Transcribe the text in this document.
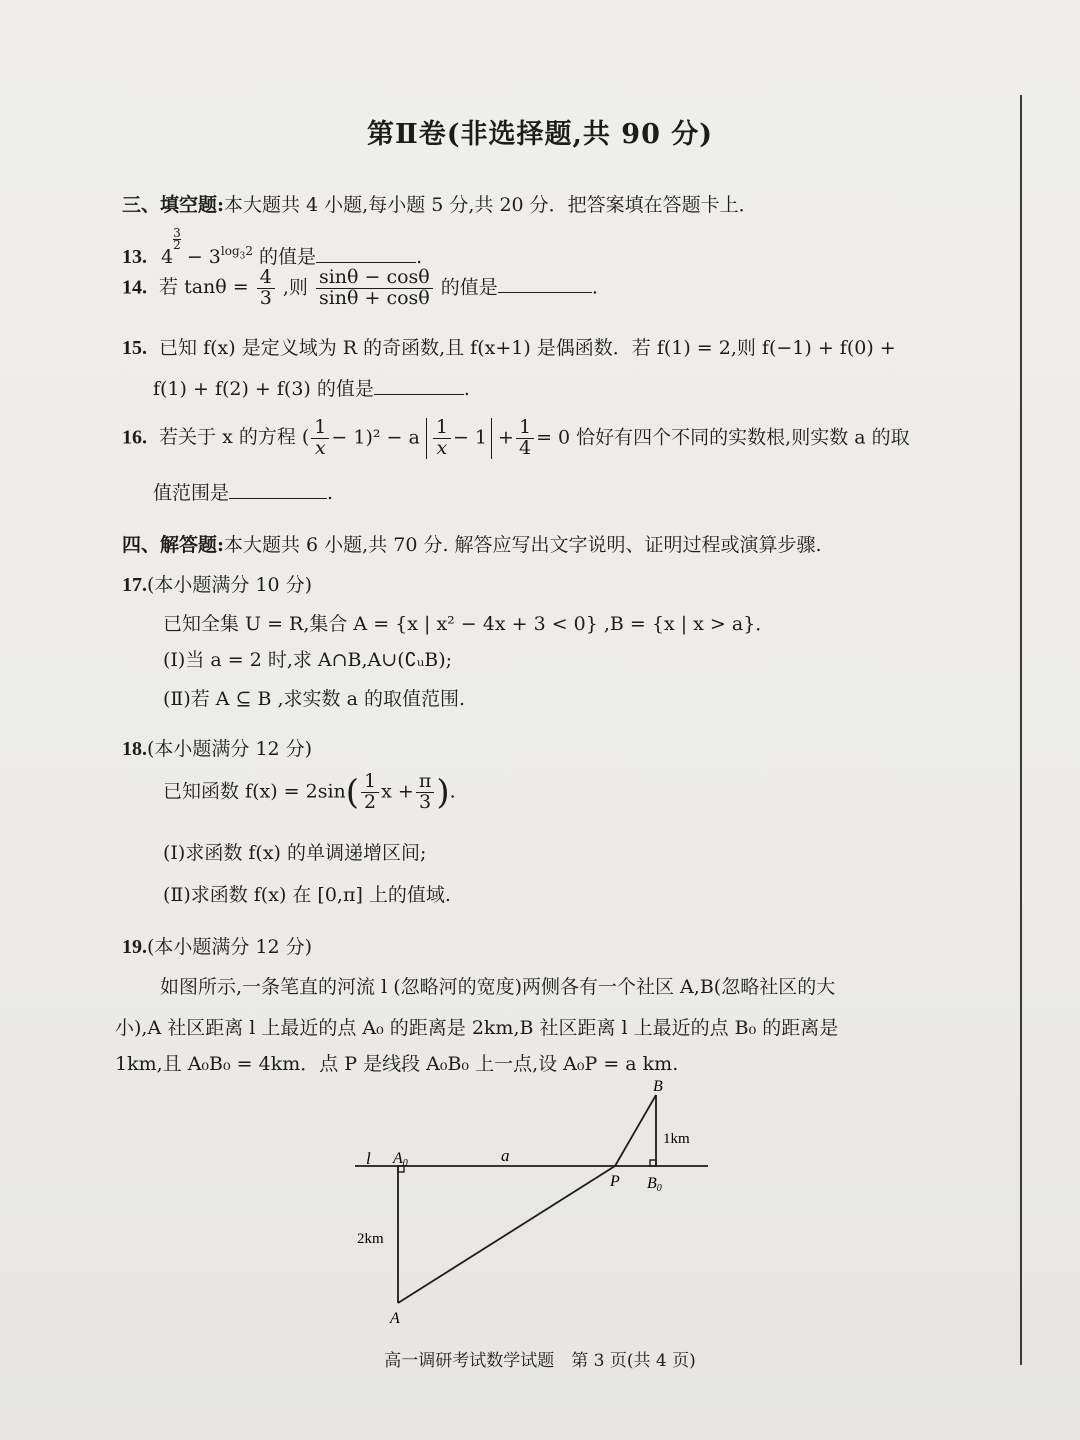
第Ⅱ卷(非选择题,共 90 分)
三、填空题:本大题共 4 小题,每小题 5 分,共 20 分．把答案填在答题卡上．
13. 4
$^{\frac{3}{2}}$
− $3^{log_32}$ 的值是	.
14. 若 $\tan\theta = \frac{4}{3}$ ,则 $\frac{\sin\theta - \cos\theta}{\sin\theta + \cos\theta}$ 的值是	.
15. 已知 f(x) 是定义域为 R 的奇函数,且 f(x+1) 是偶函数．若 f(1) = 2,则 f(−1) + f(0) +
f(1) + f(2) + f(3) 的值是	.
16. 若关于 x 的方程 ( $\frac{1}{x} - 1)^2 - a \frac{1}{x} - 1 + \frac{1}{4} = 0$ 恰好有四个不同的实数根,则实数 a 的取
值范围是	.
四、解答题:本大题共 6 小题,共 70 分. 解答应写出文字说明、证明过程或演算步骤.
17.(本小题满分 10 分)
已知全集 U = R,集合 A = {x | x² − 4x + 3 < 0} ,B = {x | x > a}．
(Ⅰ)当 a = 2 时,求 A∩B,A∪(∁ᵤB);
(Ⅱ)若 A ⊆ B ,求实数 a 的取值范围.
18.(本小题满分 12 分)
已知函数 $f(x) = 2\sin( \frac{1}{2}$ $x + \frac{\pi}{3}$ ).
(Ⅰ)求函数 f(x) 的单调递增区间;
(Ⅱ)求函数 f(x) 在 [0,π] 上的值域.
19.(本小题满分 12 分)
如图所示,一条笔直的河流 l (忽略河的宽度)两侧各有一个社区 A,B(忽略社区的大
小),A 社区距离 l 上最近的点 A₀ 的距离是 2km,B 社区距离 l 上最近的点 B₀ 的距离是
1km,且 A₀B₀ = 4km．点 P 是线段 A₀B₀ 上一点,设 A₀P = a km.
l A0	a
P B0
B
1km
2km
A
高一调研考试数学试题　第 3 页(共 4 页)
